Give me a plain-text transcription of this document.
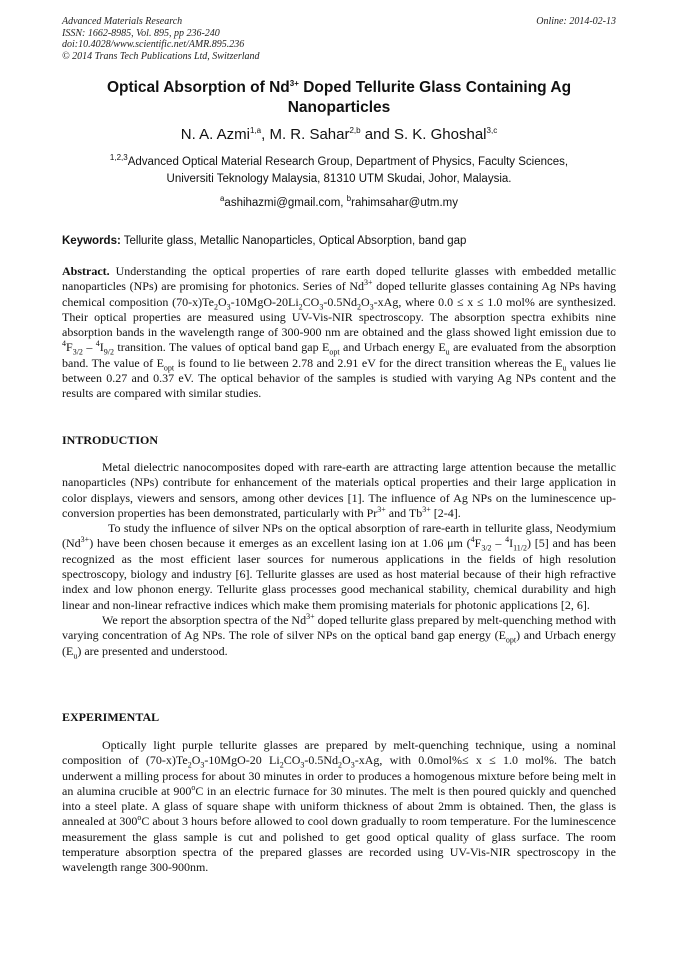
Advanced Materials Research
ISSN: 1662-8985, Vol. 895, pp 236-240
doi:10.4028/www.scientific.net/AMR.895.236
© 2014 Trans Tech Publications Ltd, Switzerland
Online: 2014-02-13
Optical Absorption of $Nd^{3+}$ Doped Tellurite Glass Containing Ag Nanoparticles
N. A. Azmi$^{1,a}$, M. R. Sahar$^{2,b}$ and S. K. Ghoshal$^{3,c}$
$^{1,2,3}$Advanced Optical Material Research Group, Department of Physics, Faculty Sciences,
Universiti Teknology Malaysia, 81310 UTM Skudai, Johor, Malaysia.
$^a$ashihazmi@gmail.com, $^b$rahimsahar@utm.my
Keywords: Tellurite glass, Metallic Nanoparticles, Optical Absorption, band gap

Abstract. Understanding the optical properties of rare earth doped tellurite glasses with embedded metallic nanoparticles (NPs) are promising for photonics. Series of $Nd^{3+}$ doped tellurite glasses containing Ag NPs having chemical composition $(70-x)Te_2O_3-10MgO-20Li_2CO_3-0.5Nd_2O_3$-xAg, where 0.0 ≤ x ≤ 1.0 mol% are synthesized. Their optical properties are measured using UV-Vis-NIR spectroscopy. The absorption spectra exhibits nine absorption bands in the wavelength range of 300-900 nm are obtained and the glass showed light emission due to $^4F_{3/2} - ^4I_{9/2}$ transition. The values of optical band gap $E_{opt}$ and Urbach energy $E_u$ are evaluated from the absorption band. The value of $E_{opt}$ is found to lie between 2.78 and 2.91 eV for the direct transition whereas the $E_u$ values lie between 0.27 and 0.37 eV. The optical behavior of the samples is studied with varying Ag NPs content and the results are compared with similar studies.

INTRODUCTION

Metal dielectric nanocomposites doped with rare-earth are attracting large attention because the metallic nanoparticles (NPs) contribute for enhancement of the materials optical properties and their large application in color displays, viewers and sensors, among other devices [1]. The influence of Ag NPs on the luminescence up-conversion properties has been demonstrated, particularly with $Pr^{3+}$ and $Tb^{3+}$ [2-4].

To study the influence of silver NPs on the optical absorption of rare-earth in tellurite glass, Neodymium $(Nd^{3+})$ have been chosen because it emerges as an excellent lasing ion at 1.06 μm $(^4F_{3/2} - ^4I_{11/2})$ [5] and has been recognized as the most efficient laser sources for numerous applications in the fields of high resolution spectroscopy, biology and industry [6]. Tellurite glasses are used as host material because of their high refractive index and low phonon energy. Tellurite glass processes good mechanical stability, chemical durability and high linear and non-linear refractive indices which make them promising materials for photonic applications [2, 6].

We report the absorption spectra of the $Nd^{3+}$ doped tellurite glass prepared by melt-quenching method with varying concentration of Ag NPs. The role of silver NPs on the optical band gap energy $(E_{opt})$ and Urbach energy $(E_u)$ are presented and understood.

EXPERIMENTAL

Optically light purple tellurite glasses are prepared by melt-quenching technique, using a nominal composition of $(70-x)Te_2O_3-10MgO-20$ $Li_2CO_3-0.5Nd_2O_3$-xAg, with 0.0mol%≤ x ≤ 1.0 mol%. The batch underwent a milling process for about 30 minutes in order to produces a homogenous mixture before being melt in an alumina crucible at 900$^o$C in an electric furnace for 30 minutes. The melt is then poured quickly and quenched into a steel plate. A glass of square shape with uniform thickness of about 2mm is obtained. Then, the glass is annealed at 300$^o$C about 3 hours before allowed to cool down gradually to room temperature. For the luminescence measurement the glass sample is cut and polished to get good optical quality of glass surface. The room temperature absorption spectra of the prepared glasses are recorded using UV-Vis-NIR spectroscopy in the wavelength range 300-900nm.
